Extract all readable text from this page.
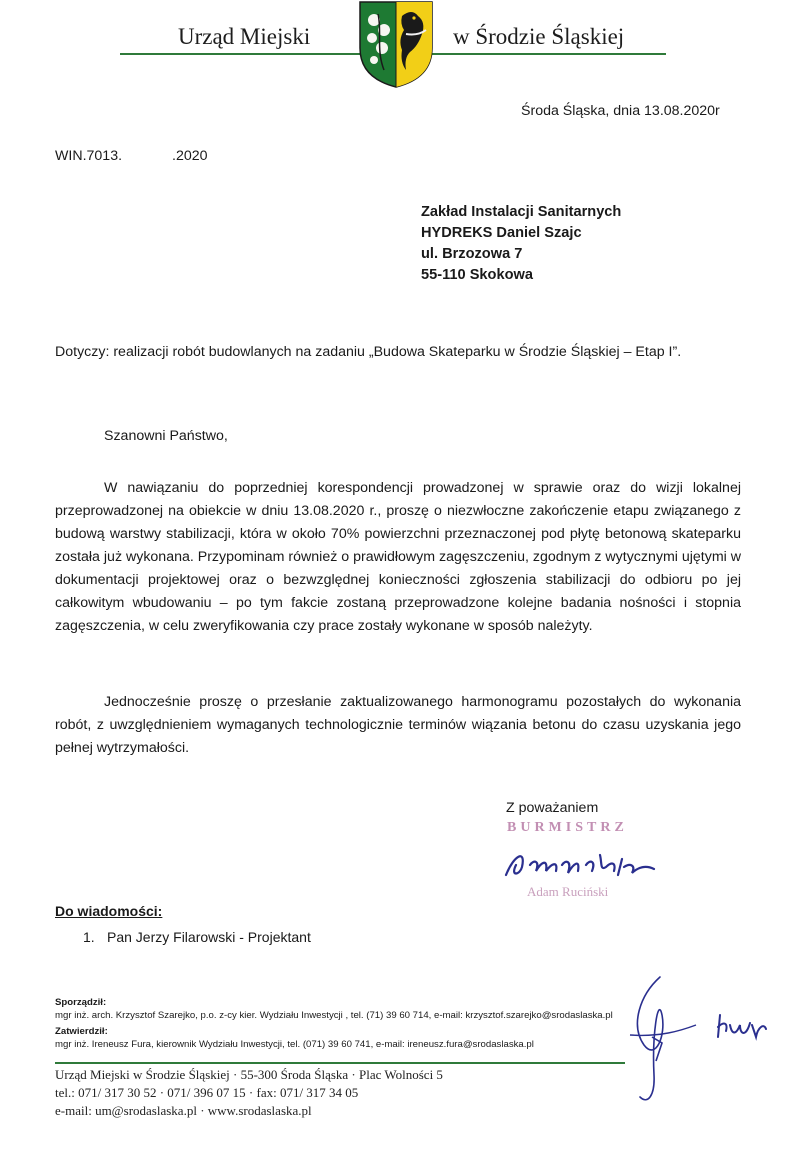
Urząd Miejski	w Środzie Śląskiej
Środa Śląska, dnia 13.08.2020r
WIN.7013.	.2020
Zakład Instalacji Sanitarnych
HYDREKS Daniel Szajc
ul. Brzozowa 7
55-110 Skokowa
Dotyczy: realizacji robót budowlanych na zadaniu „Budowa Skateparku w Środzie Śląskiej – Etap I”.
Szanowni Państwo,
W nawiązaniu do poprzedniej korespondencji prowadzonej w sprawie oraz do wizji lokalnej przeprowadzonej na obiekcie w dniu 13.08.2020 r., proszę o niezwłoczne zakończenie etapu związanego z budową warstwy stabilizacji, która w około 70% powierzchni przeznaczonej pod płytę betonową skateparku została już wykonana. Przypominam również o prawidłowym zagęszczeniu, zgodnym z wytycznymi ujętymi w dokumentacji projektowej oraz o bezwzględnej konieczności zgłoszenia stabilizacji do odbioru po jej całkowitym wbudowaniu – po tym fakcie zostaną przeprowadzone kolejne badania nośności i stopnia zagęszczenia, w celu zweryfikowania czy prace zostały wykonane w sposób należyty.
Jednocześnie proszę o przesłanie zaktualizowanego harmonogramu pozostałych do wykonania robót, z uwzględnieniem wymaganych technologicznie terminów wiązania betonu do czasu uzyskania jego pełnej wytrzymałości.
Z poważaniem
BURMISTRZ
Adam Ruciński
Do wiadomości:
1. Pan Jerzy Filarowski - Projektant
Sporządził:
mgr inż. arch. Krzysztof Szarejko, p.o. z-cy kier. Wydziału Inwestycji , tel. (71) 39 60 714, e-mail: krzysztof.szarejko@srodaslaska.pl
Zatwierdził:
mgr inż. Ireneusz Fura, kierownik Wydziału Inwestycji, tel. (071) 39 60 741, e-mail: ireneusz.fura@srodaslaska.pl
Urząd Miejski w Środzie Śląskiej · 55-300 Środa Śląska · Plac Wolności 5
tel.: 071/ 317 30 52 · 071/ 396 07 15 · fax: 071/ 317 34 05
e-mail: um@srodaslaska.pl · www.srodaslaska.pl
